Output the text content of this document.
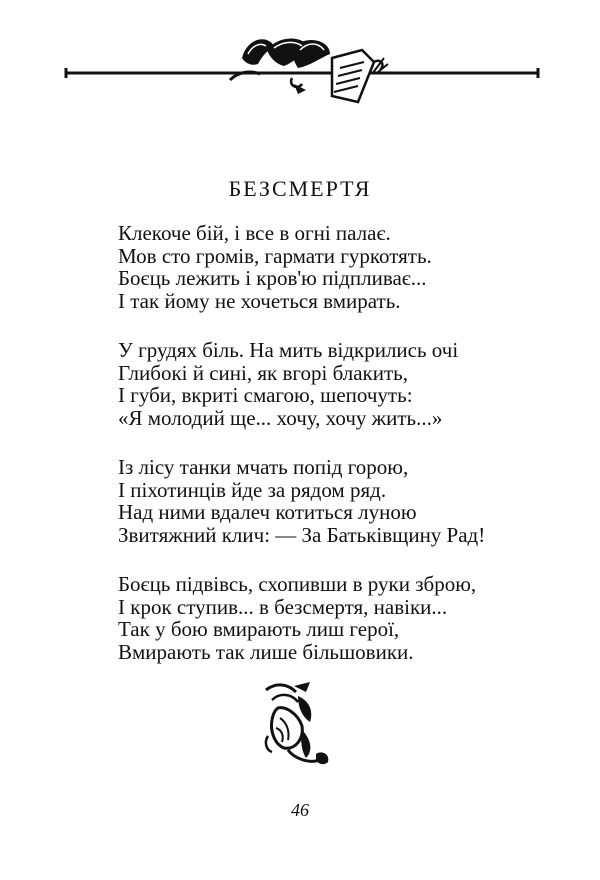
БЕЗСМЕРТЯ
Клекоче бій, і все в огні палає.
Мов сто громів, гармати гуркотять.
Боєць лежить і кров'ю підпливає...
І так йому не хочеться вмирать.
У грудях біль. На мить відкрились очі
Глибокі й сині, як вгорі блакить,
І губи, вкриті смагою, шепочуть:
«Я молодий ще... хочу, хочу жить...»
Із лісу танки мчать попід горою,
І піхотинців йде за рядом ряд.
Над ними вдалеч котиться луною
Звитяжний клич: — За Батьківщину Рад!
Боєць підвівсь, схопивши в руки зброю,
І крок ступив... в безсмертя, навіки...
Так у бою вмирають лиш герої,
Вмирають так лише більшовики.
46
